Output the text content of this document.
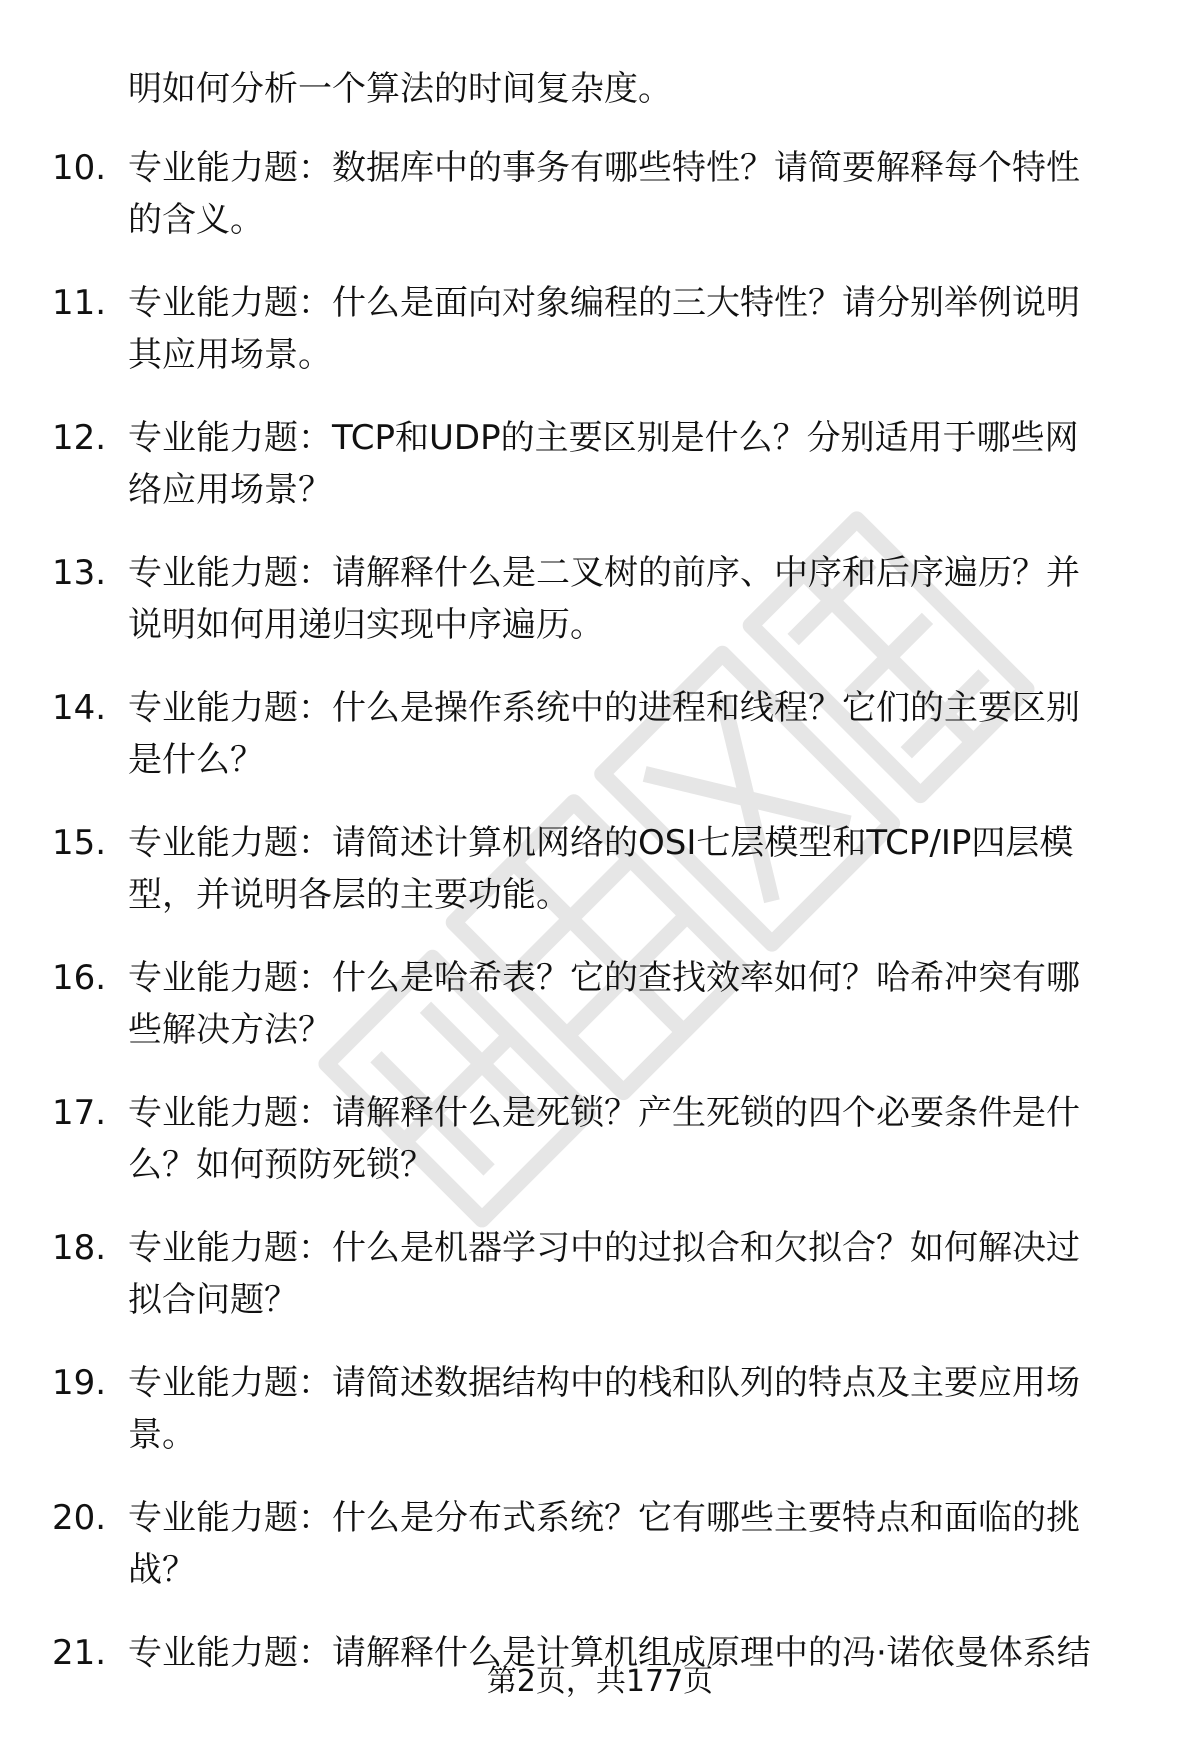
明如何分析一个算法的时间复杂度。
10. 专业能力题：数据库中的事务有哪些特性？请简要解释每个特性
的含义。
11. 专业能力题：什么是面向对象编程的三大特性？请分别举例说明
其应用场景。
12. 专业能力题：TCP和UDP的主要区别是什么？分别适用于哪些网
络应用场景？
13. 专业能力题：请解释什么是二叉树的前序、中序和后序遍历？并
说明如何用递归实现中序遍历。
14. 专业能力题：什么是操作系统中的进程和线程？它们的主要区别
是什么？
15. 专业能力题：请简述计算机网络的OSI七层模型和TCP/IP四层模
型，并说明各层的主要功能。
16. 专业能力题：什么是哈希表？它的查找效率如何？哈希冲突有哪
些解决方法？
17. 专业能力题：请解释什么是死锁？产生死锁的四个必要条件是什
么？如何预防死锁？
18. 专业能力题：什么是机器学习中的过拟合和欠拟合？如何解决过
拟合问题？
19. 专业能力题：请简述数据结构中的栈和队列的特点及主要应用场
景。
20. 专业能力题：什么是分布式系统？它有哪些主要特点和面临的挑
战？
21. 专业能力题：请解释什么是计算机组成原理中的冯·诺依曼体系结
第2页，共177页
